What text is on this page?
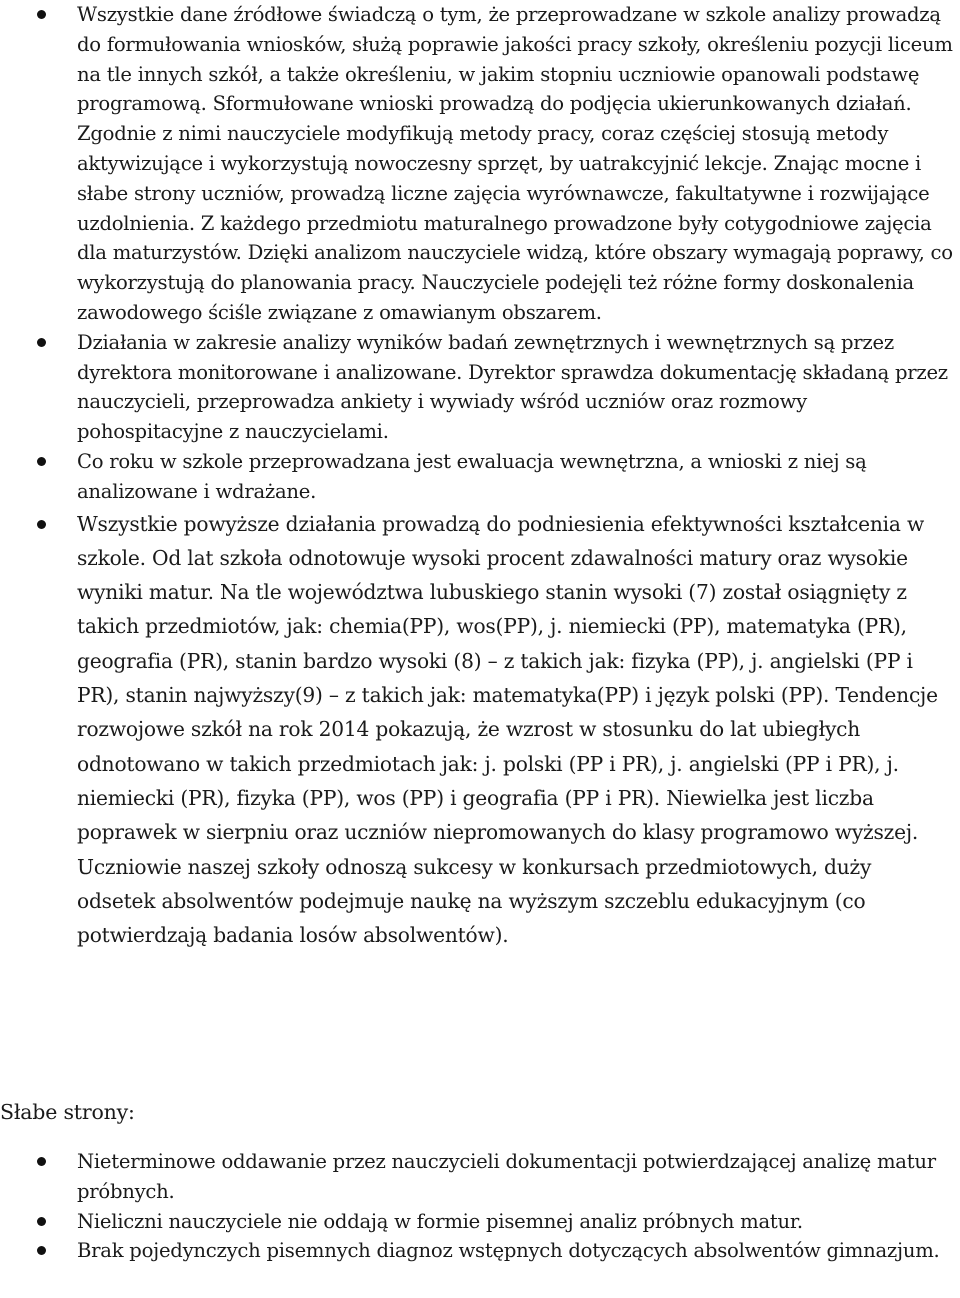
Wszystkie dane źródłowe świadczą o tym, że przeprowadzane w szkole analizy prowadzą do formułowania wniosków, służą poprawie jakości pracy szkoły, określeniu pozycji liceum na tle innych szkół, a także określeniu, w jakim stopniu uczniowie opanowali podstawę programową. Sformułowane wnioski prowadzą do podjęcia ukierunkowanych działań. Zgodnie z nimi nauczyciele modyfikują metody pracy, coraz częściej stosują metody aktywizujące i wykorzystują nowoczesny sprzęt, by uatrakcyjnić lekcje. Znając mocne i słabe strony uczniów, prowadzą liczne zajęcia wyrównawcze, fakultatywne i rozwijające uzdolnienia. Z każdego przedmiotu maturalnego prowadzone były cotygodniowe zajęcia dla maturzystów. Dzięki analizom nauczyciele widzą, które obszary wymagają poprawy, co wykorzystują do planowania pracy. Nauczyciele podejęli też różne formy doskonalenia zawodowego ściśle związane z omawianym obszarem.
Działania w zakresie analizy wyników badań zewnętrznych i wewnętrznych są przez dyrektora monitorowane i analizowane. Dyrektor sprawdza dokumentację składaną przez nauczycieli, przeprowadza ankiety i wywiady wśród uczniów oraz rozmowy pohospitacyjne z nauczycielami.
Co roku w szkole przeprowadzana jest ewaluacja wewnętrzna, a wnioski z niej są analizowane i wdrażane.
Wszystkie powyższe działania prowadzą do podniesienia efektywności kształcenia w szkole. Od lat szkoła odnotowuje wysoki procent zdawalności matury oraz wysokie wyniki matur. Na tle województwa lubuskiego stanin wysoki (7) został osiągnięty z takich przedmiotów, jak: chemia(PP), wos(PP), j. niemiecki (PP), matematyka (PR), geografia (PR), stanin bardzo wysoki (8) – z takich jak: fizyka (PP), j. angielski (PP i PR), stanin najwyższy(9) – z takich jak: matematyka(PP) i język polski (PP). Tendencje rozwojowe szkół na rok 2014 pokazują, że wzrost w stosunku do lat ubiegłych odnotowano w takich przedmiotach jak: j. polski (PP i PR), j. angielski (PP i PR), j. niemiecki (PR), fizyka (PP), wos (PP) i geografia (PP i PR). Niewielka jest liczba poprawek w sierpniu oraz uczniów niepromowanych do klasy programowo wyższej. Uczniowie naszej szkoły odnoszą sukcesy w konkursach przedmiotowych, duży odsetek absolwentów podejmuje naukę na wyższym szczeblu edukacyjnym (co potwierdzają badania losów absolwentów).
Słabe strony:
Nieterminowe oddawanie przez nauczycieli dokumentacji potwierdzającej analizę matur próbnych.
Nieliczni nauczyciele nie oddają w formie pisemnej analiz próbnych matur.
Brak pojedynczych pisemnych diagnoz wstępnych dotyczących absolwentów gimnazjum.
